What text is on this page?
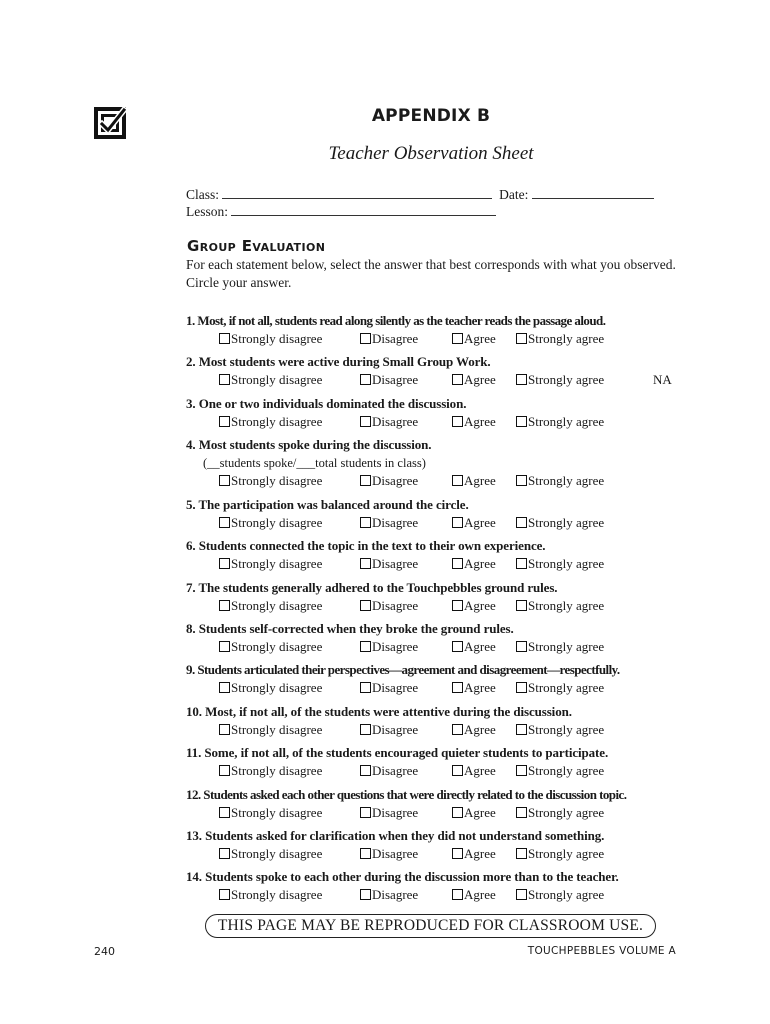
APPENDIX B
Teacher Observation Sheet
Class:	Date:
Lesson:
Group Evaluation
For each statement below, select the answer that best corresponds with what you observed. Circle your answer.
1. Most, if not all, students read along silently as the teacher reads the passage aloud.
Strongly disagree	Disagree	Agree	Strongly agree
2. Most students were active during Small Group Work.
Strongly disagree	Disagree	Agree	Strongly agree	NA
3. One or two individuals dominated the discussion.
Strongly disagree	Disagree	Agree	Strongly agree
4. Most students spoke during the discussion.
(__students spoke/___total students in class)
Strongly disagree	Disagree	Agree	Strongly agree
5. The participation was balanced around the circle.
Strongly disagree	Disagree	Agree	Strongly agree
6. Students connected the topic in the text to their own experience.
Strongly disagree	Disagree	Agree	Strongly agree
7. The students generally adhered to the Touchpebbles ground rules.
Strongly disagree	Disagree	Agree	Strongly agree
8. Students self-corrected when they broke the ground rules.
Strongly disagree	Disagree	Agree	Strongly agree
9. Students articulated their perspectives—agreement and disagreement—respectfully.
Strongly disagree	Disagree	Agree	Strongly agree
10. Most, if not all, of the students were attentive during the discussion.
Strongly disagree	Disagree	Agree	Strongly agree
11. Some, if not all, of the students encouraged quieter students to participate.
Strongly disagree	Disagree	Agree	Strongly agree
12. Students asked each other questions that were directly related to the discussion topic.
Strongly disagree	Disagree	Agree	Strongly agree
13. Students asked for clarification when they did not understand something.
Strongly disagree	Disagree	Agree	Strongly agree
14. Students spoke to each other during the discussion more than to the teacher.
Strongly disagree	Disagree	Agree	Strongly agree
THIS PAGE MAY BE REPRODUCED FOR CLASSROOM USE.
240	TOUCHPEBBLES VOLUME A
